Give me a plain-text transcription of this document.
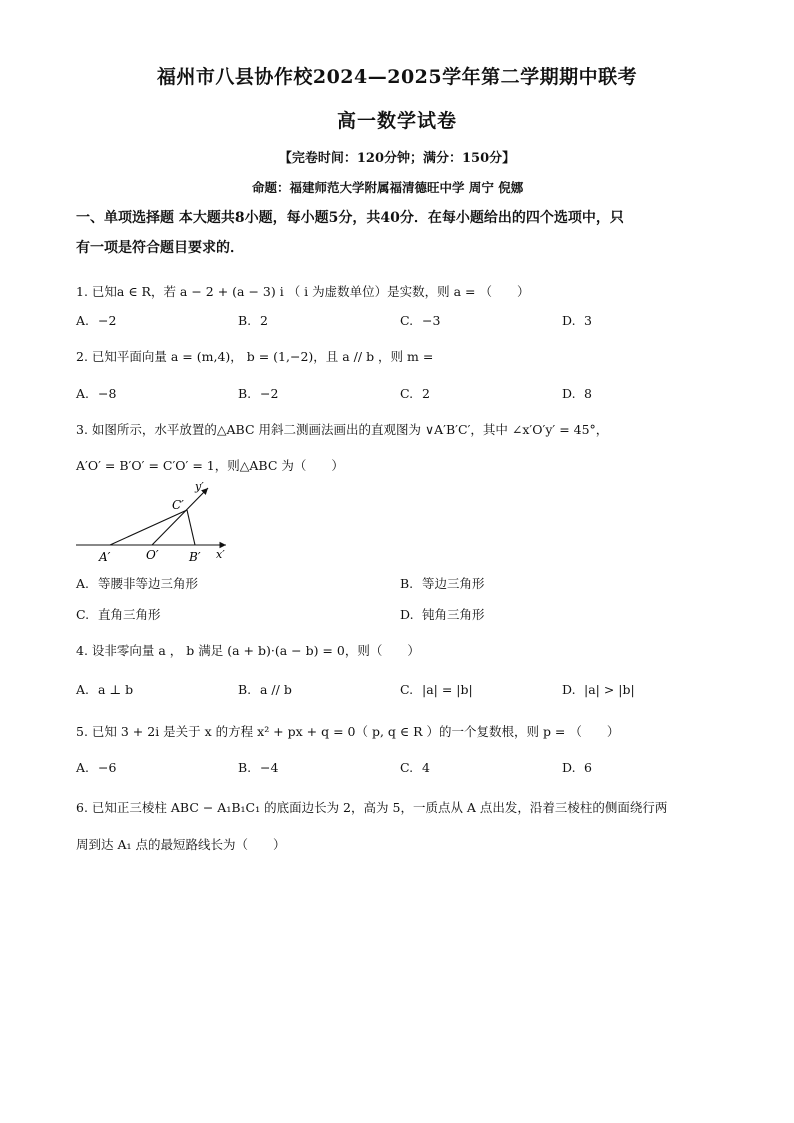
福州市八县协作校2024—2025学年第二学期期中联考
高一数学试卷
【完卷时间：120分钟；满分：150分】
命题：福建师范大学附属福清德旺中学 周宁 倪娜
一、单项选择题 本大题共8小题，每小题5分，共40分．在每小题给出的四个选项中，只
有一项是符合题目要求的．
1. 已知a ∈ R，若 a − 2 + (a − 3) i （ i 为虚数单位）是实数，则 a = （　　）
A. −2	B. 2	C. −3	D. 3
2. 已知平面向量 a = (m,4)， b = (1,−2)，且 a // b ，则 m =
A. −8	B. −2	C. 2	D. 8
3. 如图所示，水平放置的△ABC 用斜二测画法画出的直观图为 ∨A′B′C′，其中 ∠x′O′y′ = 45°，
A′O′ = B′O′ = C′O′ = 1，则△ABC 为（　　）
A′	O′	B′
C′
x′
y′
A. 等腰非等边三角形	B. 等边三角形
C. 直角三角形	D. 钝角三角形
4. 设非零向量 a ， b 满足 (a + b)·(a − b) = 0，则（　　）
A. a ⊥ b	B. a // b	C. |a| = |b|	D. |a| > |b|
5. 已知 3 + 2i 是关于 x 的方程 x² + px + q = 0（ p, q ∈ R ）的一个复数根，则 p = （　　）
A. −6	B. −4	C. 4	D. 6
6. 已知正三棱柱 ABC − A₁B₁C₁ 的底面边长为 2，高为 5，一质点从 A 点出发，沿着三棱柱的侧面绕行两
周到达 A₁ 点的最短路线长为（　　）
